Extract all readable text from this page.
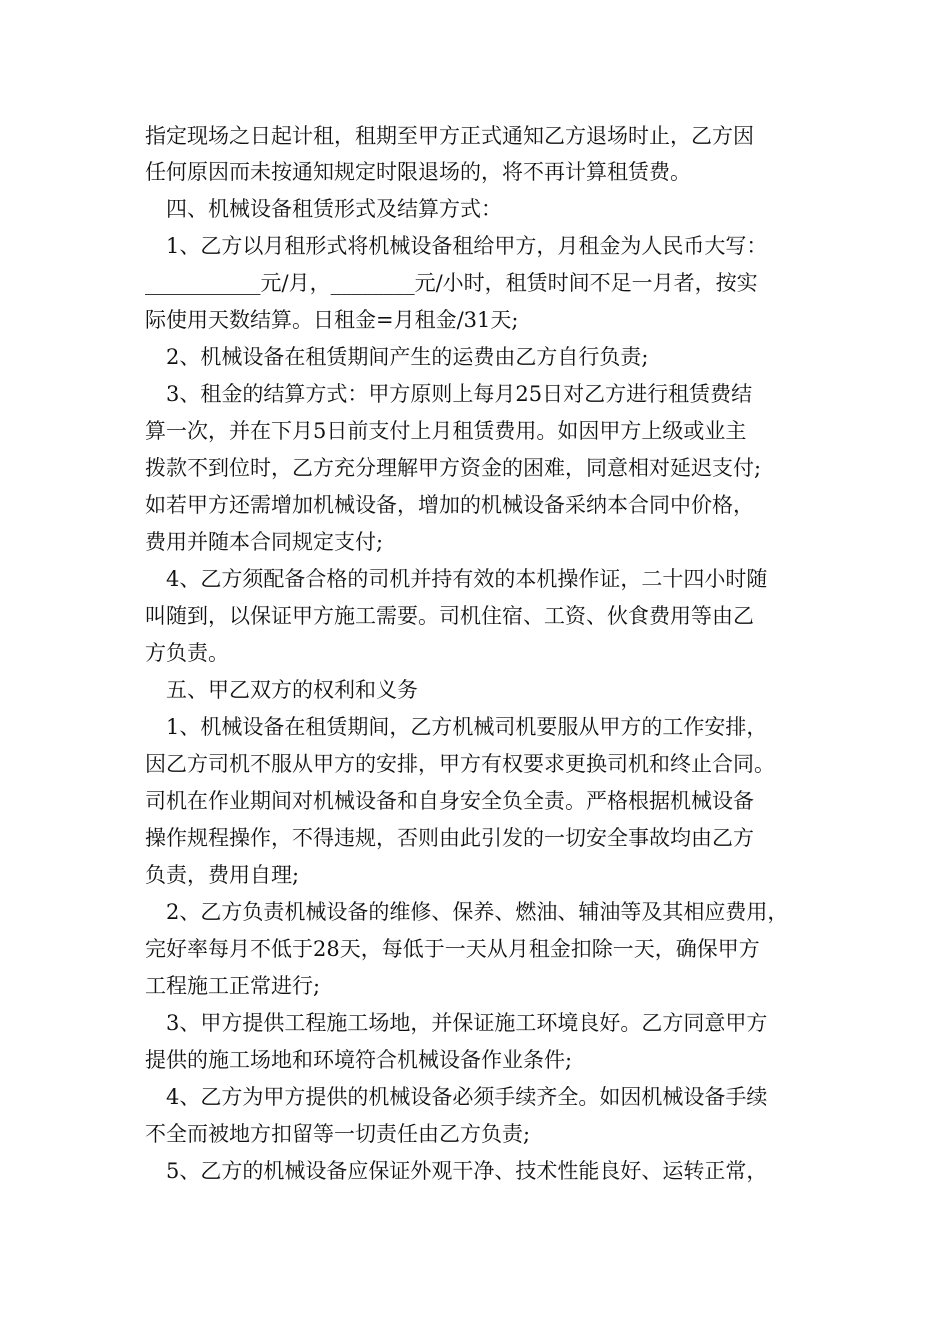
指定现场之日起计租，租期至甲方正式通知乙方退场时止，乙方因
任何原因而未按通知规定时限退场的，将不再计算租赁费。
　四、机械设备租赁形式及结算方式：
　1、乙方以月租形式将机械设备租给甲方，月租金为人民币大写：
___________元/月，________元/小时，租赁时间不足一月者，按实
际使用天数结算。日租金=月租金/31天;
　2、机械设备在租赁期间产生的运费由乙方自行负责;
　3、租金的结算方式：甲方原则上每月25日对乙方进行租赁费结
算一次，并在下月5日前支付上月租赁费用。如因甲方上级或业主
拨款不到位时，乙方充分理解甲方资金的困难，同意相对延迟支付;
如若甲方还需增加机械设备，增加的机械设备采纳本合同中价格，
费用并随本合同规定支付;
　4、乙方须配备合格的司机并持有效的本机操作证，二十四小时随
叫随到，以保证甲方施工需要。司机住宿、工资、伙食费用等由乙
方负责。
　五、甲乙双方的权利和义务
　1、机械设备在租赁期间，乙方机械司机要服从甲方的工作安排，
因乙方司机不服从甲方的安排，甲方有权要求更换司机和终止合同。
司机在作业期间对机械设备和自身安全负全责。严格根据机械设备
操作规程操作，不得违规，否则由此引发的一切安全事故均由乙方
负责，费用自理;
　2、乙方负责机械设备的维修、保养、燃油、辅油等及其相应费用，
完好率每月不低于28天，每低于一天从月租金扣除一天，确保甲方
工程施工正常进行;
　3、甲方提供工程施工场地，并保证施工环境良好。乙方同意甲方
提供的施工场地和环境符合机械设备作业条件;
　4、乙方为甲方提供的机械设备必须手续齐全。如因机械设备手续
不全而被地方扣留等一切责任由乙方负责;
　5、乙方的机械设备应保证外观干净、技术性能良好、运转正常，
